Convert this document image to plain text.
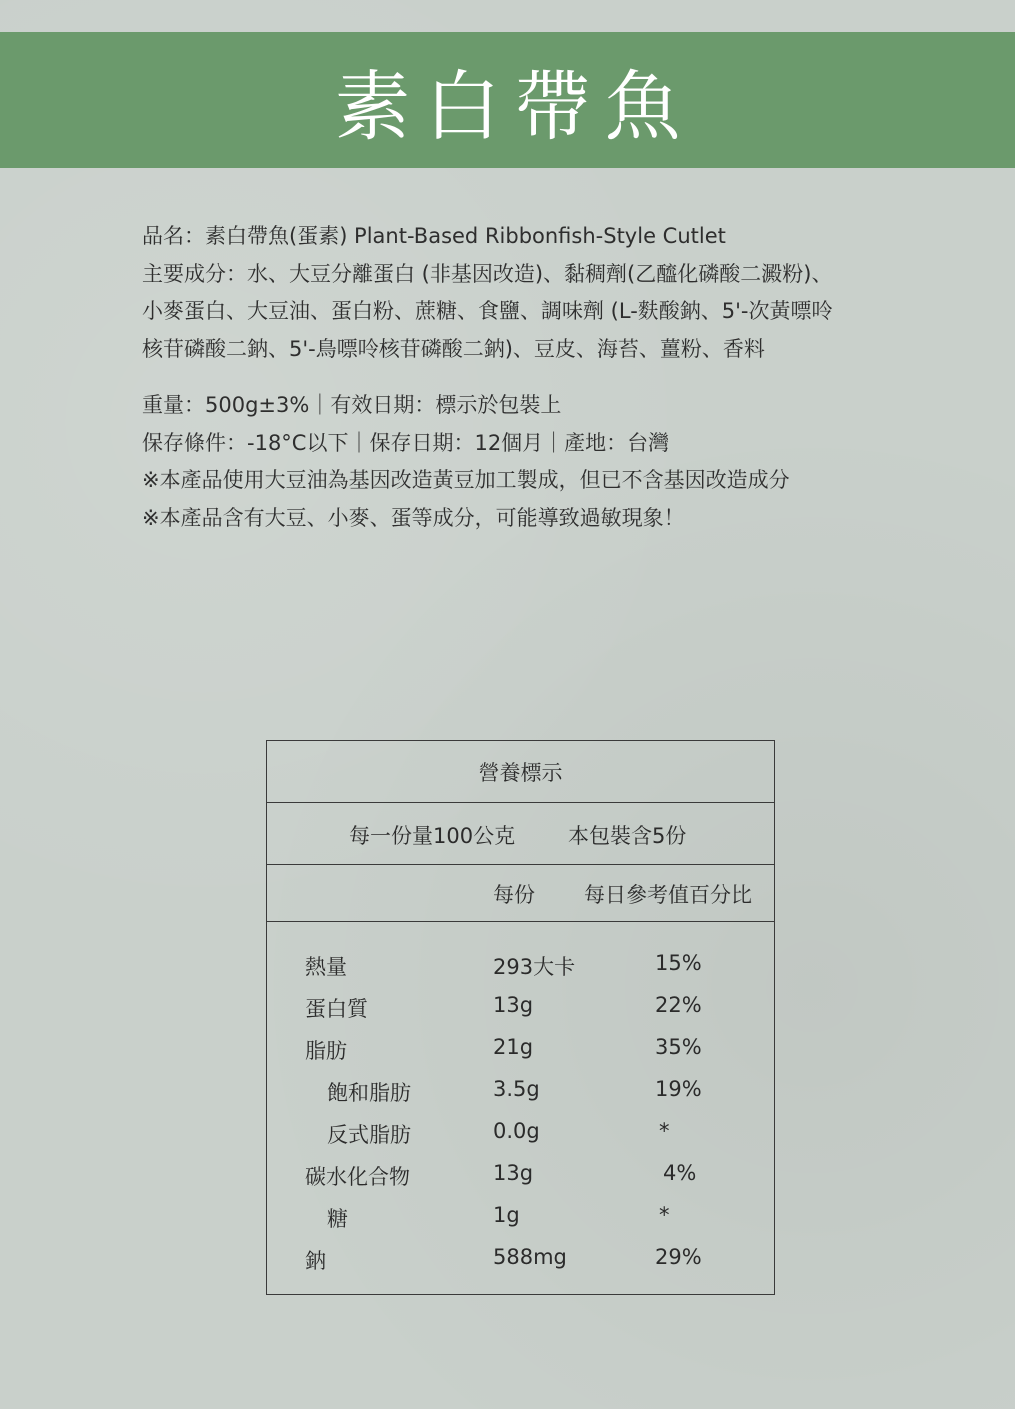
素白帶魚

品名：素白帶魚(蛋素) Plant-Based Ribbonfish-Style Cutlet

主要成分：水、大豆分離蛋白 (非基因改造)、黏稠劑(乙醯化磷酸二澱粉)、

小麥蛋白、大豆油、蛋白粉、蔗糖、食鹽、調味劑 (L-麩酸鈉、5'-次黃嘌呤

核苷磷酸二鈉、5'-鳥嘌呤核苷磷酸二鈉)、豆皮、海苔、薑粉、香料

重量：500g±3%｜有效日期：標示於包裝上

保存條件：-18°C以下｜保存日期：12個月｜產地：台灣

※本產品使用大豆油為基因改造黃豆加工製成，但已不含基因改造成分

※本產品含有大豆、小麥、蛋等成分，可能導致過敏現象！

營養標示
每一份量100公克	本包裝含5份
每份 每日參考值百分比
熱量	293大卡	15%
蛋白質	13g	22%
脂肪	21g	35%
飽和脂肪	3.5g	19%
反式脂肪	0.0g	*
碳水化合物	13g	4%
糖	1g	*
鈉	588mg	29%
